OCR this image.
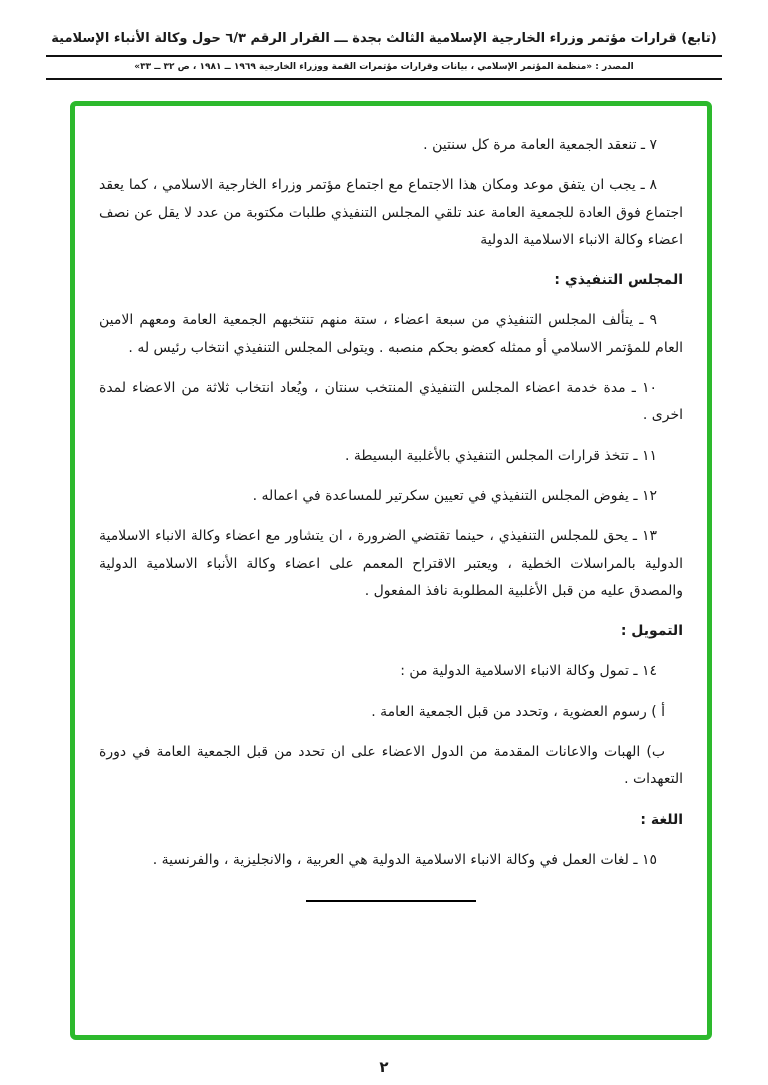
(تابع) قرارات مؤتمر وزراء الخارجية الإسلامية الثالث بجدة ـــ القرار الرقم ٦/٣ حول وكالة الأنباء الإسلامية
المصدر : «منظمة المؤتمر الإسلامي ، بيانات وقرارات مؤتمرات القمة ووزراء الخارجية ١٩٦٩ ــ ١٩٨١ ، ص ٣٢ ــ ٣٣»

٧ ـ تنعقد الجمعية العامة مرة كل سنتين .

٨ ـ يجب ان يتفق موعد ومكان هذا الاجتماع مع اجتماع مؤتمر وزراء الخارجية الاسلامي ، كما يعقد اجتماع فوق العادة للجمعية العامة عند تلقي المجلس التنفيذي طلبات مكتوبة من عدد لا يقل عن نصف اعضاء وكالة الانباء الاسلامية الدولية

المجلس التنفيذي :

٩ ـ يتألف المجلس التنفيذي من سبعة اعضاء ، ستة منهم تنتخبهم الجمعية العامة ومعهم الامين العام للمؤتمر الاسلامي أو ممثله كعضو بحكم منصبه . ويتولى المجلس التنفيذي انتخاب رئيس له .

١٠ ـ مدة خدمة اعضاء المجلس التنفيذي المنتخب سنتان ، ويُعاد انتخاب ثلاثة من الاعضاء لمدة اخرى .

١١ ـ تتخذ قرارات المجلس التنفيذي بالأغلبية البسيطة .

١٢ ـ يفوض المجلس التنفيذي في تعيين سكرتير للمساعدة في اعماله .

١٣ ـ يحق للمجلس التنفيذي ، حينما تقتضي الضرورة ، ان يتشاور مع اعضاء وكالة الانباء الاسلامية الدولية بالمراسلات الخطية ، ويعتبر الاقتراح المعمم على اعضاء وكالة الأنباء الاسلامية الدولية والمصدق عليه من قبل الأغلبية المطلوبة نافذ المفعول .

التمويل :

١٤ ـ تمول وكالة الانباء الاسلامية الدولية من :

أ ) رسوم العضوية ، وتحدد من قبل الجمعية العامة .

ب) الهبات والاعانات المقدمة من الدول الاعضاء على ان تحدد من قبل الجمعية العامة في دورة التعهدات .

اللغة :

١٥ ـ لغات العمل في وكالة الانباء الاسلامية الدولية هي العربية ، والانجليزية ، والفرنسية .

٢
